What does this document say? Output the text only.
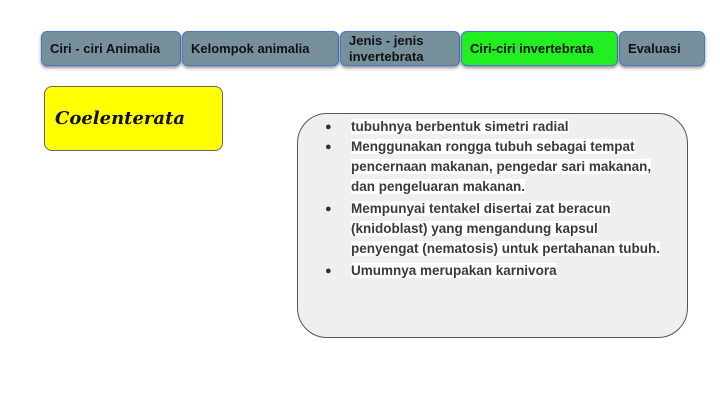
Ciri - ciri Animalia Kelompok animalia
Jenis - jenis invertebrata
Ciri-ciri invertebrata	Evaluasi
Coelenterata	● tubuhnya berbentuk simetri radial
● Menggunakan rongga tubuh sebagai tempat pencernaan makanan, pengedar sari makanan, dan pengeluaran makanan.
● Mempunyai tentakel disertai zat beracun (knidoblast) yang mengandung kapsul penyengat (nematosis) untuk pertahanan tubuh.
● Umumnya merupakan karnivora
